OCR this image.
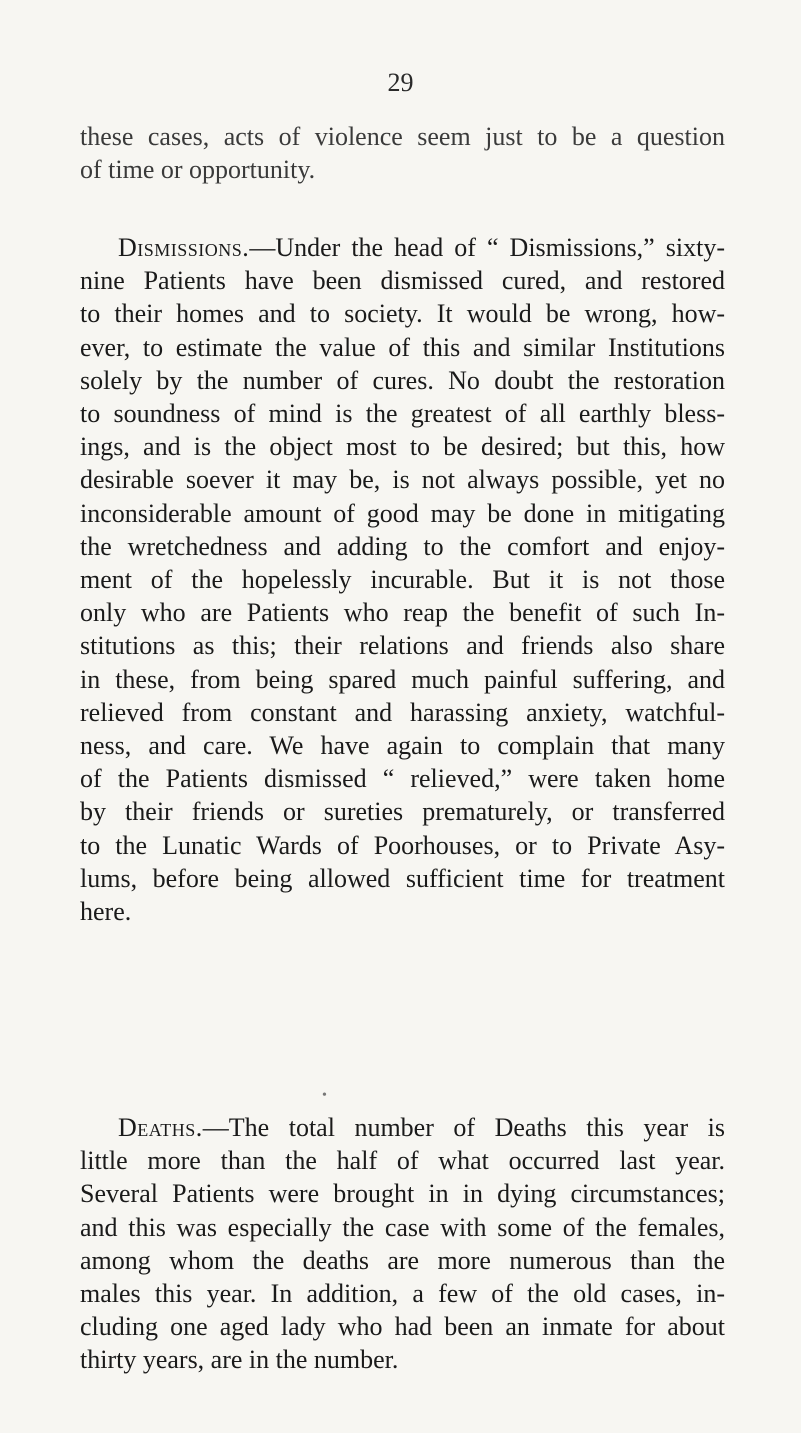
29
these cases, acts of violence seem just to be a question
of time or opportunity.
Dismissions.—Under the head of “ Dismissions,” sixty-
nine Patients have been dismissed cured, and restored
to their homes and to society. It would be wrong, how-
ever, to estimate the value of this and similar Institutions
solely by the number of cures. No doubt the restoration
to soundness of mind is the greatest of all earthly bless-
ings, and is the object most to be desired; but this, how
desirable soever it may be, is not always possible, yet no
inconsiderable amount of good may be done in mitigating
the wretchedness and adding to the comfort and enjoy-
ment of the hopelessly incurable. But it is not those
only who are Patients who reap the benefit of such In-
stitutions as this; their relations and friends also share
in these, from being spared much painful suffering, and
relieved from constant and harassing anxiety, watchful-
ness, and care. We have again to complain that many
of the Patients dismissed “ relieved,” were taken home
by their friends or sureties prematurely, or transferred
to the Lunatic Wards of Poorhouses, or to Private Asy-
lums, before being allowed sufficient time for treatment
here.
•
Deaths.—The total number of Deaths this year is
little more than the half of what occurred last year.
Several Patients were brought in in dying circumstances;
and this was especially the case with some of the females,
among whom the deaths are more numerous than the
males this year. In addition, a few of the old cases, in-
cluding one aged lady who had been an inmate for about
thirty years, are in the number.
